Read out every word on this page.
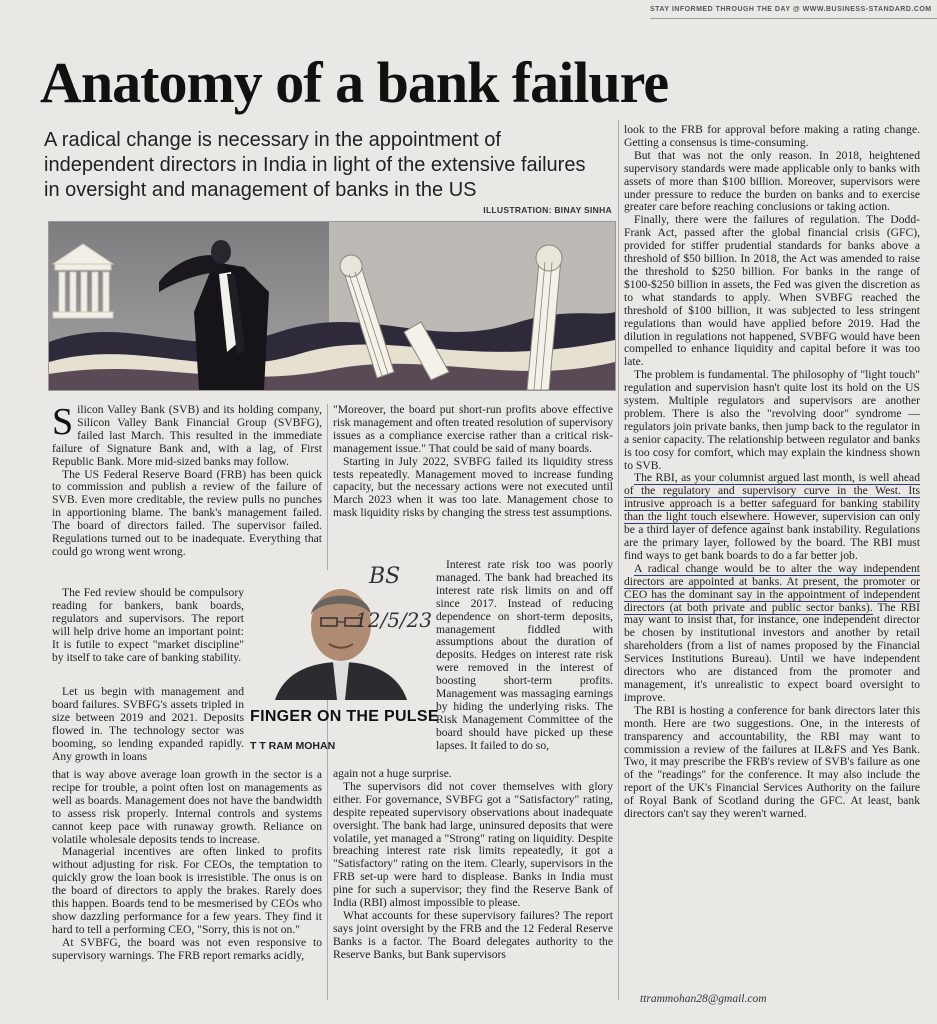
STAY INFORMED THROUGH THE DAY @ WWW.BUSINESS-STANDARD.COM
Anatomy of a bank failure
A radical change is necessary in the appointment of independent directors in India in light of the extensive failures in oversight and management of banks in the US
ILLUSTRATION: BINAY SINHA

Silicon Valley Bank (SVB) and its holding company, Silicon Valley Bank Financial Group (SVBFG), failed last March. This resulted in the immediate failure of Signature Bank and, with a lag, of First Republic Bank. More mid-sized banks may follow.

The US Federal Reserve Board (FRB) has been quick to commission and publish a review of the failure of SVB. Even more creditable, the review pulls no punches in apportioning blame. The bank's management failed. The board of directors failed. The supervisor failed. Regulations turned out to be inadequate. Everything that could go wrong went wrong.

The Fed review should be compulsory reading for bankers, bank boards, regulators and supervisors. The report will help drive home an important point: It is futile to expect "market discipline" by itself to take care of banking stability.

Let us begin with management and board failures. SVBFG's assets tripled in size between 2019 and 2021. Deposits flowed in. The technology sector was booming, so lending expanded rapidly. Any growth in loans

that is way above average loan growth in the sector is a recipe for trouble, a point often lost on managements as well as boards. Management does not have the bandwidth to assess risk properly. Internal controls and systems cannot keep pace with runaway growth. Reliance on volatile wholesale deposits tends to increase.

Managerial incentives are often linked to profits without adjusting for risk. For CEOs, the temptation to quickly grow the loan book is irresistible. The onus is on the board of directors to apply the brakes. Rarely does this happen. Boards tend to be mesmerised by CEOs who show dazzling performance for a few years. They find it hard to tell a performing CEO, "Sorry, this is not on."

At SVBFG, the board was not even responsive to supervisory warnings. The FRB report remarks acidly,

"Moreover, the board put short-run profits above effective risk management and often treated resolution of supervisory issues as a compliance exercise rather than a critical risk-management issue." That could be said of many boards.

Starting in July 2022, SVBFG failed its liquidity stress tests repeatedly. Management moved to increase funding capacity, but the necessary actions were not executed until March 2023 when it was too late. Management chose to mask liquidity risks by changing the stress test assumptions.

BS
12/5/23

Interest rate risk too was poorly managed. The bank had breached its interest rate risk limits on and off since 2017. Instead of reducing dependence on short-term deposits, management fiddled with assumptions about the duration of deposits. Hedges on interest rate risk were removed in the interest of boosting short-term profits. Management was massaging earnings by hiding the underlying risks. The Risk Management Committee of the board should have picked up these lapses. It failed to do so,

FINGER ON THE PULSE
T T RAM MOHAN

again not a huge surprise.

The supervisors did not cover themselves with glory either. For governance, SVBFG got a "Satisfactory" rating, despite repeated supervisory observations about inadequate oversight. The bank had large, uninsured deposits that were volatile, yet managed a "Strong" rating on liquidity. Despite breaching interest rate risk limits repeatedly, it got a "Satisfactory" rating on the item. Clearly, supervisors in the FRB set-up were hard to displease. Banks in India must pine for such a supervisor; they find the Reserve Bank of India (RBI) almost impossible to please.

What accounts for these supervisory failures? The report says joint oversight by the FRB and the 12 Federal Reserve Banks is a factor. The Board delegates authority to the Reserve Banks, but Bank supervisors

look to the FRB for approval before making a rating change. Getting a consensus is time-consuming.

But that was not the only reason. In 2018, heightened supervisory standards were made applicable only to banks with assets of more than $100 billion. Moreover, supervisors were under pressure to reduce the burden on banks and to exercise greater care before reaching conclusions or taking action.

Finally, there were the failures of regulation. The Dodd-Frank Act, passed after the global financial crisis (GFC), provided for stiffer prudential standards for banks above a threshold of $50 billion. In 2018, the Act was amended to raise the threshold to $250 billion. For banks in the range of $100-$250 billion in assets, the Fed was given the discretion as to what standards to apply. When SVBFG reached the threshold of $100 billion, it was subjected to less stringent regulations than would have applied before 2019. Had the dilution in regulations not happened, SVBFG would have been compelled to enhance liquidity and capital before it was too late.

The problem is fundamental. The philosophy of "light touch" regulation and supervision hasn't quite lost its hold on the US system. Multiple regulators and supervisors are another problem. There is also the "revolving door" syndrome — regulators join private banks, then jump back to the regulator in a senior capacity. The relationship between regulator and banks is too cosy for comfort, which may explain the kindness shown to SVB.

The RBI, as your columnist argued last month, is well ahead of the regulatory and supervisory curve in the West. Its intrusive approach is a better safeguard for banking stability than the light touch elsewhere. However, supervision can only be a third layer of defence against bank instability. Regulations are the primary layer, followed by the board. The RBI must find ways to get bank boards to do a far better job.

A radical change would be to alter the way independent directors are appointed at banks. At present, the promoter or CEO has the dominant say in the appointment of independent directors (at both private and public sector banks). The RBI may want to insist that, for instance, one independent director be chosen by institutional investors and another by retail shareholders (from a list of names proposed by the Financial Services Institutions Bureau). Until we have independent directors who are distanced from the promoter and management, it's unrealistic to expect board oversight to improve.

The RBI is hosting a conference for bank directors later this month. Here are two suggestions. One, in the interests of transparency and accountability, the RBI may want to commission a review of the failures at IL&FS and Yes Bank. Two, it may prescribe the FRB's review of SVB's failure as one of the "readings" for the conference. It may also include the report of the UK's Financial Services Authority on the failure of Royal Bank of Scotland during the GFC. At least, bank directors can't say they weren't warned.

ttrammohan28@gmail.com
